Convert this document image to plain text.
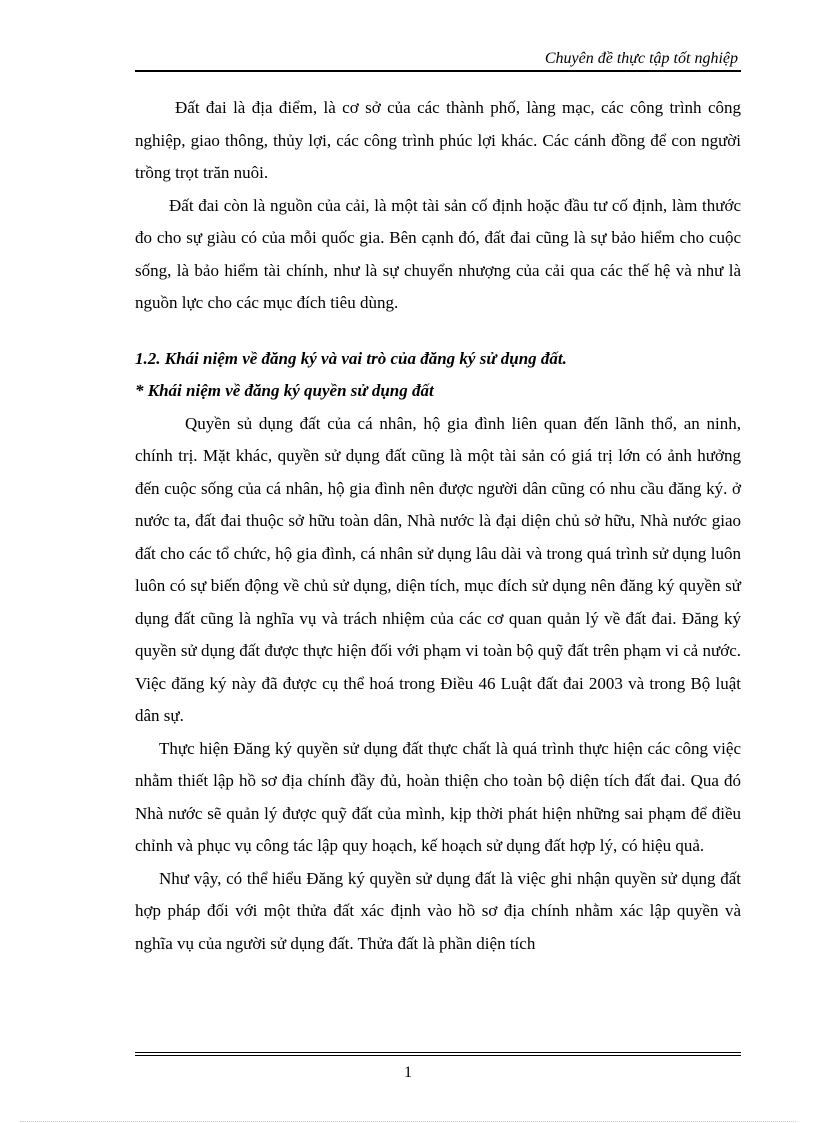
Chuyên đề thực tập tốt nghiệp

Đất đai là địa điểm, là cơ sở của các thành phố, làng mạc, các công trình công nghiệp, giao thông, thủy lợi, các công trình phúc lợi khác. Các cánh đồng để con người trồng trọt trăn nuôi.

Đất đai còn là nguồn của cải, là một tài sản cố định hoặc đầu tư cố định, làm thước đo cho sự giàu có của mỗi quốc gia. Bên cạnh đó, đất đai cũng là sự bảo hiểm cho cuộc sống, là bảo hiểm tài chính, như là sự chuyển nhượng của cải qua các thế hệ và như là nguồn lực cho các mục đích tiêu dùng.

1.2. Khái niệm về đăng ký và vai trò của đăng ký sử dụng đất.

* Khái niệm về đăng ký quyền sử dụng đất

Quyền sủ dụng đất của cá nhân, hộ gia đình liên quan đến lãnh thổ, an ninh, chính trị. Mặt khác, quyền sử dụng đất cũng là một tài sản có giá trị lớn có ảnh hưởng đến cuộc sống của cá nhân, hộ gia đình nên được người dân cũng có nhu cầu đăng ký. ở nước ta, đất đai thuộc sở hữu toàn dân, Nhà nước là đại diện chủ sở hữu, Nhà nước giao đất cho các tổ chức, hộ gia đình, cá nhân sử dụng lâu dài và trong quá trình sử dụng luôn luôn có sự biến động về chủ sử dụng, diện tích, mục đích sử dụng nên đăng ký quyền sử dụng đất cũng là nghĩa vụ và trách nhiệm của các cơ quan quản lý về đất đai. Đăng ký quyền sử dụng đất được thực hiện đối với phạm vi toàn bộ quỹ đất trên phạm vi cả nước. Việc đăng ký này đã được cụ thể hoá trong Điều 46 Luật đất đai 2003 và trong Bộ luật dân sự.

Thực hiện Đăng ký quyền sử dụng đất thực chất là quá trình thực hiện các công việc nhằm thiết lập hồ sơ địa chính đầy đủ, hoàn thiện cho toàn bộ diện tích đất đai. Qua đó Nhà nước sẽ quản lý được quỹ đất của mình, kịp thời phát hiện những sai phạm để điều chỉnh và phục vụ công tác lập quy hoạch, kế hoạch sử dụng đất hợp lý, có hiệu quả.

Như vậy, có thể hiểu Đăng ký quyền sử dụng đất là việc ghi nhận quyền sử dụng đất hợp pháp đối với một thửa đất xác định vào hồ sơ địa chính nhằm xác lập quyền và nghĩa vụ của người sử dụng đất. Thửa đất là phần diện tích

1
